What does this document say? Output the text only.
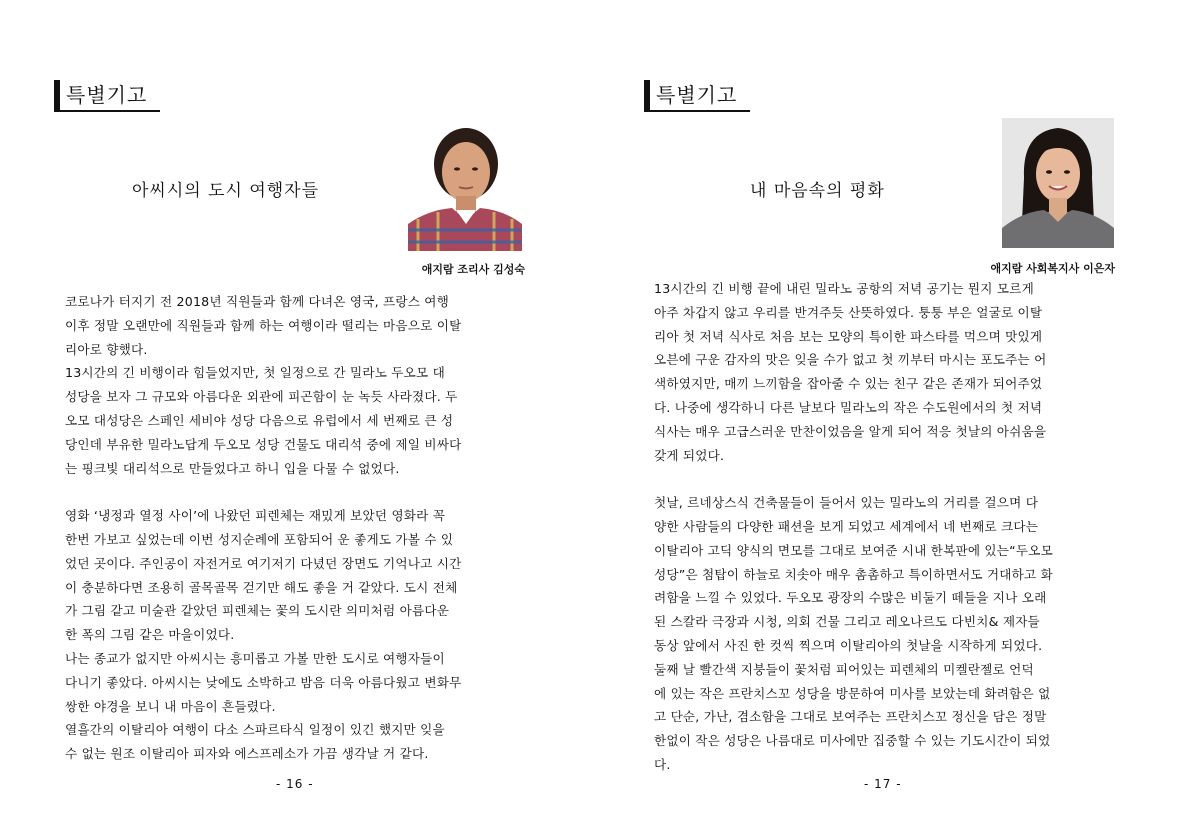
특별기고
아씨시의 도시 여행자들
애지람 조리사 김성숙
코로나가 터지기 전 2018년 직원들과 함께 다녀온 영국, 프랑스 여행
이후 정말 오랜만에 직원들과 함께 하는 여행이라 떨리는 마음으로 이탈
리아로 향했다.
13시간의 긴 비행이라 힘들었지만, 첫 일정으로 간 밀라노 두오모 대
성당을 보자 그 규모와 아름다운 외관에 피곤함이 눈 녹듯 사라졌다. 두
오모 대성당은 스페인 세비야 성당 다음으로 유럽에서 세 번째로 큰 성
당인데 부유한 밀라노답게 두오모 성당 건물도 대리석 중에 제일 비싸다
는 핑크빛 대리석으로 만들었다고 하니 입을 다물 수 없었다.
영화 ‘냉정과 열정 사이’에 나왔던 피렌체는 재밌게 보았던 영화라 꼭
한번 가보고 싶었는데 이번 성지순례에 포함되어 운 좋게도 가볼 수 있
었던 곳이다. 주인공이 자전거로 여기저기 다녔던 장면도 기억나고 시간
이 충분하다면 조용히 골목골목 걷기만 해도 좋을 거 같았다. 도시 전체
가 그림 같고 미술관 같았던 피렌체는 꽃의 도시란 의미처럼 아름다운
한 폭의 그림 같은 마을이었다.
나는 종교가 없지만 아씨시는 흥미롭고 가볼 만한 도시로 여행자들이
다니기 좋았다. 아씨시는 낮에도 소박하고 밤음 더욱 아름다웠고 변화무
쌍한 야경을 보니 내 마음이 흔들렸다.
열흘간의 이탈리아 여행이 다소 스파르타식 일정이 있긴 했지만 잊을
수 없는 원조 이탈리아 피자와 에스프레소가 가끔 생각날 거 같다.
- 16 -
특별기고
내 마음속의 평화
애지람 사회복지사 이은자
13시간의 긴 비행 끝에 내린 밀라노 공항의 저녁 공기는 뭔지 모르게
아주 차갑지 않고 우리를 반겨주듯 산뜻하였다. 퉁퉁 부은 얼굴로 이탈
리아 첫 저녁 식사로 처음 보는 모양의 특이한 파스타를 먹으며 맛있게
오븐에 구운 감자의 맛은 잊을 수가 없고 첫 끼부터 마시는 포도주는 어
색하였지만, 매끼 느끼함을 잡아줄 수 있는 친구 같은 존재가 되어주었
다. 나중에 생각하니 다른 날보다 밀라노의 작은 수도원에서의 첫 저녁
식사는 매우 고급스러운 만찬이었음을 알게 되어 적응 첫날의 아쉬움을
갖게 되었다.
첫날, 르네상스식 건축물들이 들어서 있는 밀라노의 거리를 걸으며 다
양한 사람들의 다양한 패션을 보게 되었고 세계에서 네 번째로 크다는
이탈리아 고딕 양식의 면모를 그대로 보여준 시내 한복판에 있는“두오모
성당”은 첨탑이 하늘로 치솟아 매우 촘촘하고 특이하면서도 거대하고 화
려함을 느낄 수 있었다. 두오모 광장의 수많은 비둘기 떼들을 지나 오래
된 스칼라 극장과 시청, 의회 건물 그리고 레오나르도 다빈치& 제자들
동상 앞에서 사진 한 컷씩 찍으며 이탈리아의 첫날을 시작하게 되었다.
둘째 날 빨간색 지붕들이 꽃처럼 피어있는 피렌체의 미켈란젤로 언덕
에 있는 작은 프란치스꼬 성당을 방문하여 미사를 보았는데 화려함은 없
고 단순, 가난, 겸소함을 그대로 보여주는 프란치스꼬 정신을 담은 정말
한없이 작은 성당은 나름대로 미사에만 집중할 수 있는 기도시간이 되었
다.
- 17 -
